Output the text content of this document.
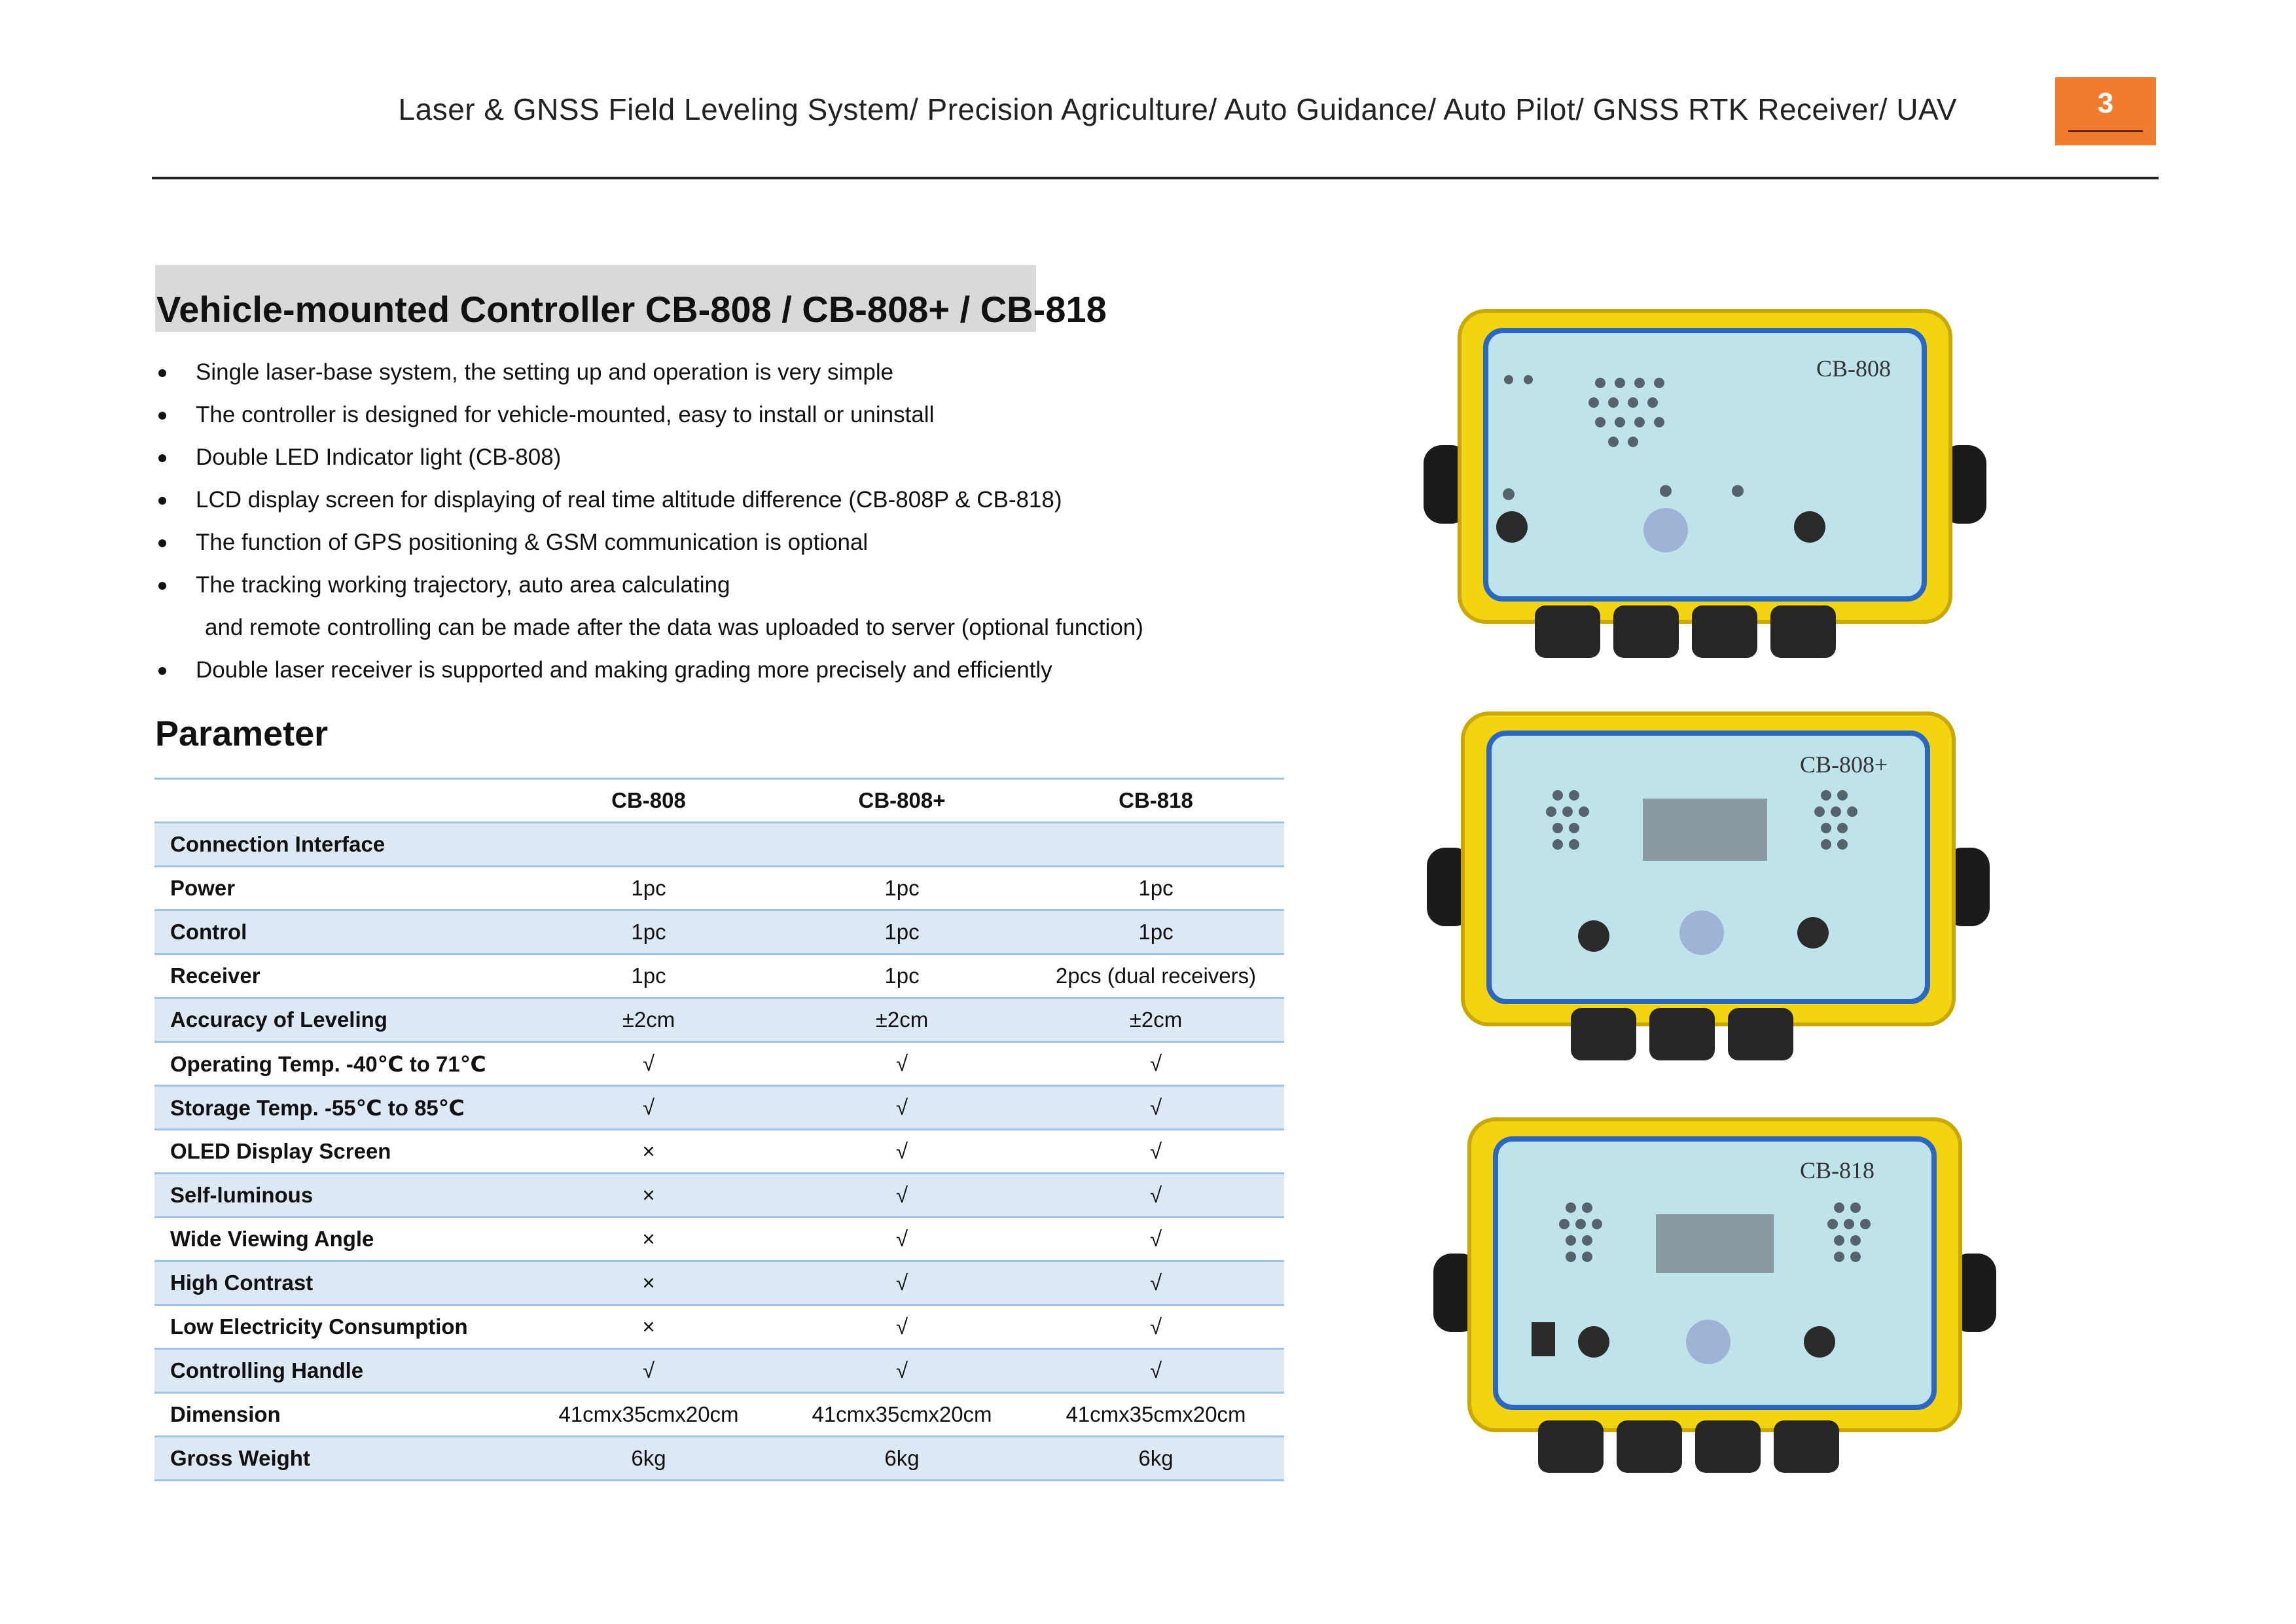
Laser & GNSS Field Leveling System/ Precision Agriculture/ Auto Guidance/ Auto Pilot/ GNSS RTK Receiver/ UAV	3
Vehicle-mounted Controller CB-808 / CB-808+ / CB-818
Single laser-base system, the setting up and operation is very simple
The controller is designed for vehicle-mounted, easy to install or uninstall
Double LED Indicator light (CB-808)
LCD display screen for displaying of real time altitude difference (CB-808P & CB-818)
The function of GPS positioning & GSM communication is optional
The tracking working trajectory, auto area calculating
and remote controlling can be made after the data was uploaded to server (optional function)
Double laser receiver is supported and making grading more precisely and efficiently
Parameter
	CB-808	CB-808+	CB-818
Connection Interface			
Power	1pc	1pc	1pc
Control	1pc	1pc	1pc
Receiver	1pc	1pc	2pcs (dual receivers)
Accuracy of Leveling	±2cm	±2cm	±2cm
Operating Temp. -40℃ to 71℃	√	√	√
Storage Temp. -55℃ to 85℃	√	√	√
OLED Display Screen	×	√	√
Self-luminous	×	√	√
Wide Viewing Angle	×	√	√
High Contrast	×	√	√
Low Electricity Consumption	×	√	√
Controlling Handle	√	√	√
Dimension	41cmx35cmx20cm	41cmx35cmx20cm	41cmx35cmx20cm
Gross Weight	6kg	6kg	6kg
CB-808
CB-808+
CB-818
